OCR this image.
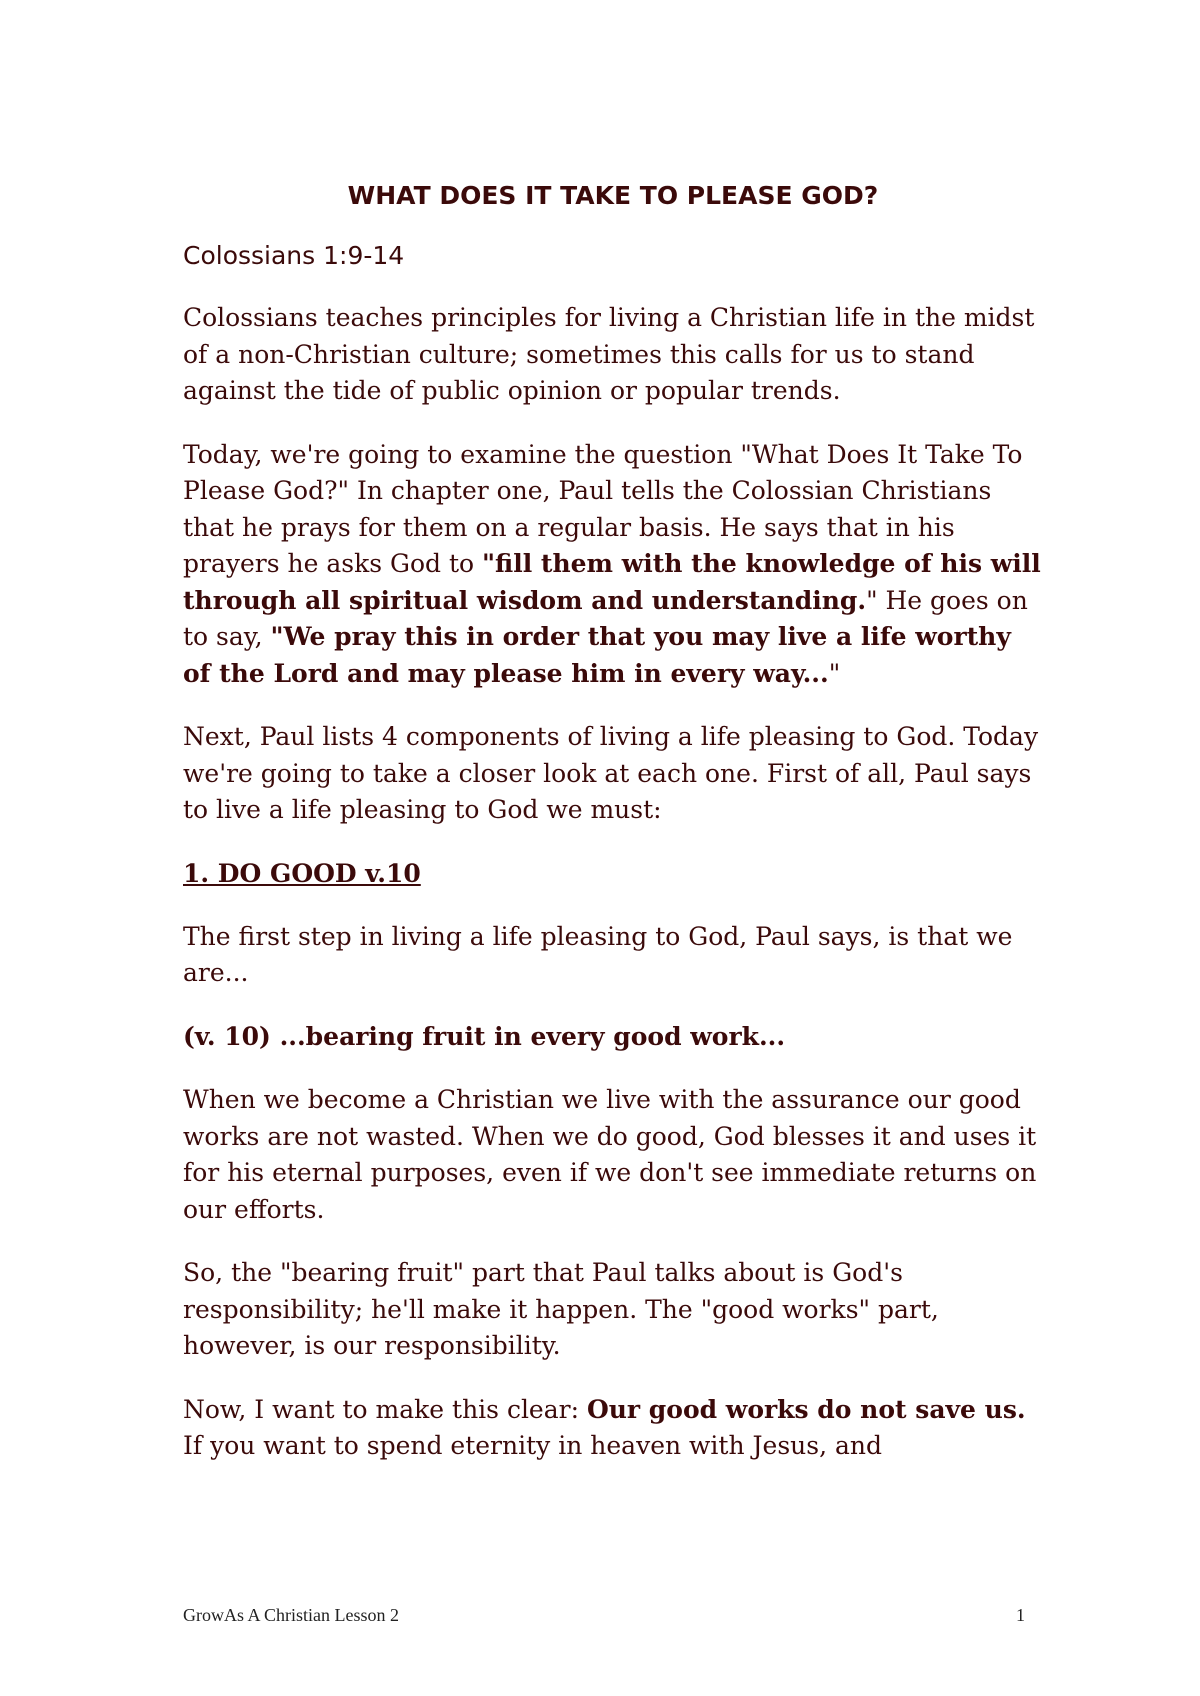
WHAT DOES IT TAKE TO PLEASE GOD?
Colossians 1:9-14

Colossians teaches principles for living a Christian life in the midst of a non-Christian culture; sometimes this calls for us to stand against the tide of public opinion or popular trends.

Today, we're going to examine the question "What Does It Take To Please God?" In chapter one, Paul tells the Colossian Christians that he prays for them on a regular basis. He says that in his prayers he asks God to "fill them with the knowledge of his will through all spiritual wisdom and understanding." He goes on to say, "We pray this in order that you may live a life worthy of the Lord and may please him in every way..."

Next, Paul lists 4 components of living a life pleasing to God. Today we're going to take a closer look at each one. First of all, Paul says to live a life pleasing to God we must:

1. DO GOOD v.10

The first step in living a life pleasing to God, Paul says, is that we are...

(v. 10) ...bearing fruit in every good work...

When we become a Christian we live with the assurance our good works are not wasted. When we do good, God blesses it and uses it for his eternal purposes, even if we don't see immediate returns on our efforts.

So, the "bearing fruit" part that Paul talks about is God's responsibility; he'll make it happen. The "good works" part, however, is our responsibility.

Now, I want to make this clear: Our good works do not save us. If you want to spend eternity in heaven with Jesus, and

GrowAs A Christian Lesson 2	1
